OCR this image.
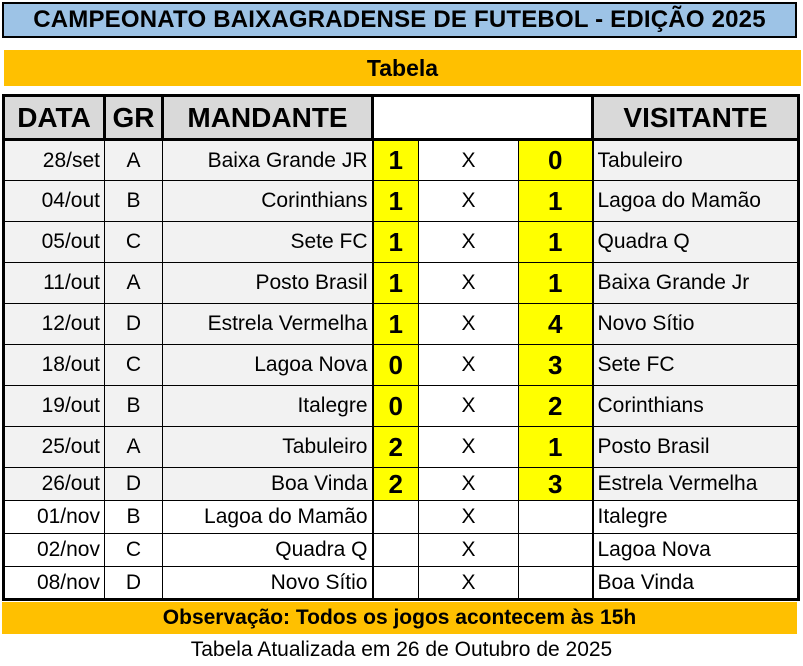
CAMPEONATO BAIXAGRADENSE DE FUTEBOL - EDIÇÃO 2025
Tabela
DATA	GR	MANDANTE				VISITANTE
28/set	A	Baixa Grande JR	1	X	0	Tabuleiro
04/out	B	Corinthians	1	X	1	Lagoa do Mamão
05/out	C	Sete FC	1	X	1	Quadra Q
11/out	A	Posto Brasil	1	X	1	Baixa Grande Jr
12/out	D	Estrela Vermelha	1	X	4	Novo Sítio
18/out	C	Lagoa Nova	0	X	3	Sete FC
19/out	B	Italegre	0	X	2	Corinthians
25/out	A	Tabuleiro	2	X	1	Posto Brasil
26/out	D	Boa Vinda	2	X	3	Estrela Vermelha
01/nov	B	Lagoa do Mamão		X		Italegre
02/nov	C	Quadra Q		X		Lagoa Nova
08/nov	D	Novo Sítio		X		Boa Vinda
Observação: Todos os jogos acontecem às 15h
Tabela Atualizada em 26 de Outubro de 2025
